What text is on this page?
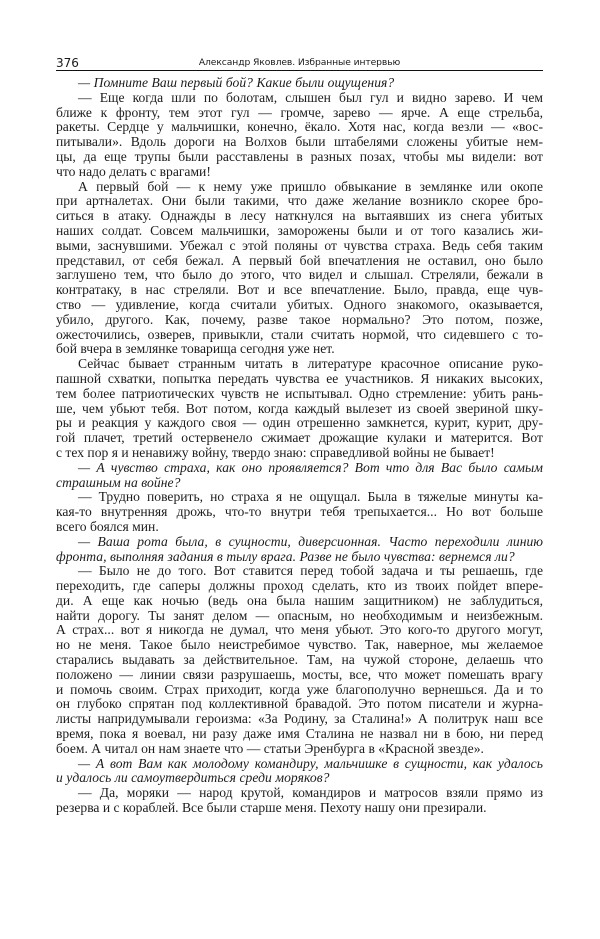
376	Александр Яковлев. Избранные интервью

— Помните Ваш первый бой? Какие были ощущения?

— Еще когда шли по болотам, слышен был гул и видно зарево. И чем
ближе к фронту, тем этот гул — громче, зарево — ярче. А еще стрельба,
ракеты. Сердце у мальчишки, конечно, ёкало. Хотя нас, когда везли — «вос-
питывали». Вдоль дороги на Волхов были штабелями сложены убитые нем-
цы, да еще трупы были расставлены в разных позах, чтобы мы видели: вот
что надо делать с врагами!

А первый бой — к нему уже пришло обвыкание в землянке или окопе
при артналетах. Они были такими, что даже желание возникло скорее бро-
ситься в атаку. Однажды в лесу наткнулся на вытаявших из снега убитых
наших солдат. Совсем мальчишки, заморожены были и от того казались жи-
выми, заснувшими. Убежал с этой поляны от чувства страха. Ведь себя таким
представил, от себя бежал. А первый бой впечатления не оставил, оно было
заглушено тем, что было до этого, что видел и слышал. Стреляли, бежали в
контратаку, в нас стреляли. Вот и все впечатление. Было, правда, еще чув-
ство — удивление, когда считали убитых. Одного знакомого, оказывается,
убило, другого. Как, почему, разве такое нормально? Это потом, позже,
ожесточились, озверев, привыкли, стали считать нормой, что сидевшего с то-
бой вчера в землянке товарища сегодня уже нет.

Сейчас бывает странным читать в литературе красочное описание руко-
пашной схватки, попытка передать чувства ее участников. Я никаких высоких,
тем более патриотических чувств не испытывал. Одно стремление: убить рань-
ше, чем убьют тебя. Вот потом, когда каждый вылезет из своей звериной шку-
ры и реакция у каждого своя — один отрешенно замкнется, курит, курит, дру-
гой плачет, третий остервенело сжимает дрожащие кулаки и матерится. Вот
с тех пор я и ненавижу войну, твердо знаю: справедливой войны не бывает!

— А чувство страха, как оно проявляется? Вот что для Вас было самым
страшным на войне?

— Трудно поверить, но страха я не ощущал. Была в тяжелые минуты ка-
кая-то внутренняя дрожь, что-то внутри тебя трепыхается... Но вот больше
всего боялся мин.

— Ваша рота была, в сущности, диверсионная. Часто переходили линию
фронта, выполняя задания в тылу врага. Разве не было чувства: вернемся ли?

— Было не до того. Вот ставится перед тобой задача и ты решаешь, где
переходить, где саперы должны проход сделать, кто из твоих пойдет впере-
ди. А еще как ночью (ведь она была нашим защитником) не заблудиться,
найти дорогу. Ты занят делом — опасным, но необходимым и неизбежным.
А страх... вот я никогда не думал, что меня убьют. Это кого-то другого могут,
но не меня. Такое было неистребимое чувство. Так, наверное, мы желаемое
старались выдавать за действительное. Там, на чужой стороне, делаешь что
положено — линии связи разрушаешь, мосты, все, что может помешать врагу
и помочь своим. Страх приходит, когда уже благополучно вернешься. Да и то
он глубоко спрятан под коллективной бравадой. Это потом писатели и журна-
листы напридумывали героизма: «За Родину, за Сталина!» А политрук наш все
время, пока я воевал, ни разу даже имя Сталина не назвал ни в бою, ни перед
боем. А читал он нам знаете что — статьи Эренбурга в «Красной звезде».

— А вот Вам как молодому командиру, мальчишке в сущности, как удалось
и удалось ли самоутвердиться среди моряков?

— Да, моряки — народ крутой, командиров и матросов взяли прямо из
резерва и с кораблей. Все были старше меня. Пехоту нашу они презирали.
